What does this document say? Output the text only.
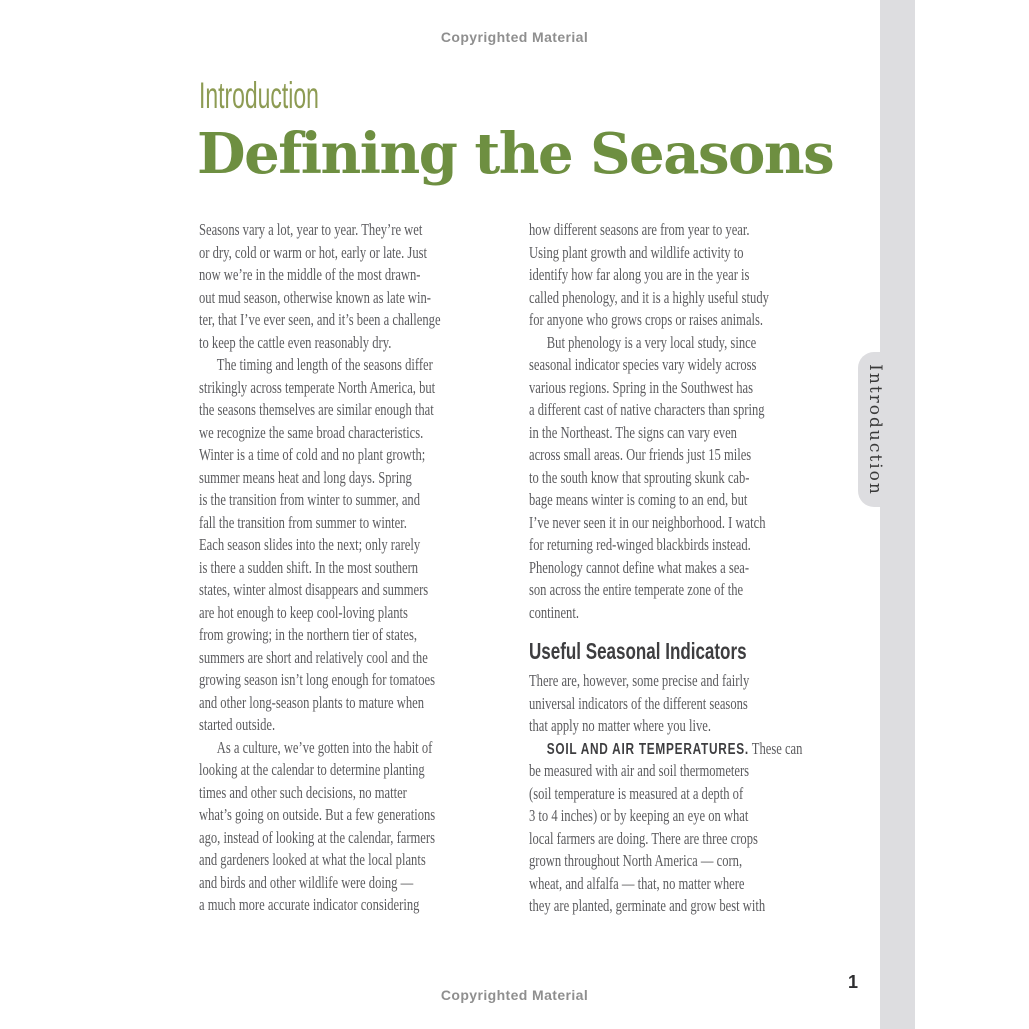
Copyrighted Material
Introduction
Defining the Seasons
Seasons vary a lot, year to year. They’re wet
or dry, cold or warm or hot, early or late. Just
now we’re in the middle of the most drawn-
out mud season, otherwise known as late win-
ter, that I’ve ever seen, and it’s been a challenge
to keep the cattle even reasonably dry.
The timing and length of the seasons differ
strikingly across temperate North America, but
the seasons themselves are similar enough that
we recognize the same broad characteristics.
Winter is a time of cold and no plant growth;
summer means heat and long days. Spring
is the transition from winter to summer, and
fall the transition from summer to winter.
Each season slides into the next; only rarely
is there a sudden shift. In the most southern
states, winter almost disappears and summers
are hot enough to keep cool-loving plants
from growing; in the northern tier of states,
summers are short and relatively cool and the
growing season isn’t long enough for tomatoes
and other long-season plants to mature when
started outside.
As a culture, we’ve gotten into the habit of
looking at the calendar to determine planting
times and other such decisions, no matter
what’s going on outside. But a few generations
ago, instead of looking at the calendar, farmers
and gardeners looked at what the local plants
and birds and other wildlife were doing —
a much more accurate indicator considering
how different seasons are from year to year.
Using plant growth and wildlife activity to
identify how far along you are in the year is
called phenology, and it is a highly useful study
for anyone who grows crops or raises animals.
But phenology is a very local study, since
seasonal indicator species vary widely across
various regions. Spring in the Southwest has
a different cast of native characters than spring
in the Northeast. The signs can vary even
across small areas. Our friends just 15 miles
to the south know that sprouting skunk cab-
bage means winter is coming to an end, but
I’ve never seen it in our neighborhood. I watch
for returning red-winged blackbirds instead.
Phenology cannot define what makes a sea-
son across the entire temperate zone of the
continent.
Useful Seasonal Indicators
There are, however, some precise and fairly
universal indicators of the different seasons
that apply no matter where you live.
SOIL AND AIR TEMPERATURES. These can
be measured with air and soil thermometers
(soil temperature is measured at a depth of
3 to 4 inches) or by keeping an eye on what
local farmers are doing. There are three crops
grown throughout North America — corn,
wheat, and alfalfa — that, no matter where
they are planted, germinate and grow best with
Introduction
1
Copyrighted Material
